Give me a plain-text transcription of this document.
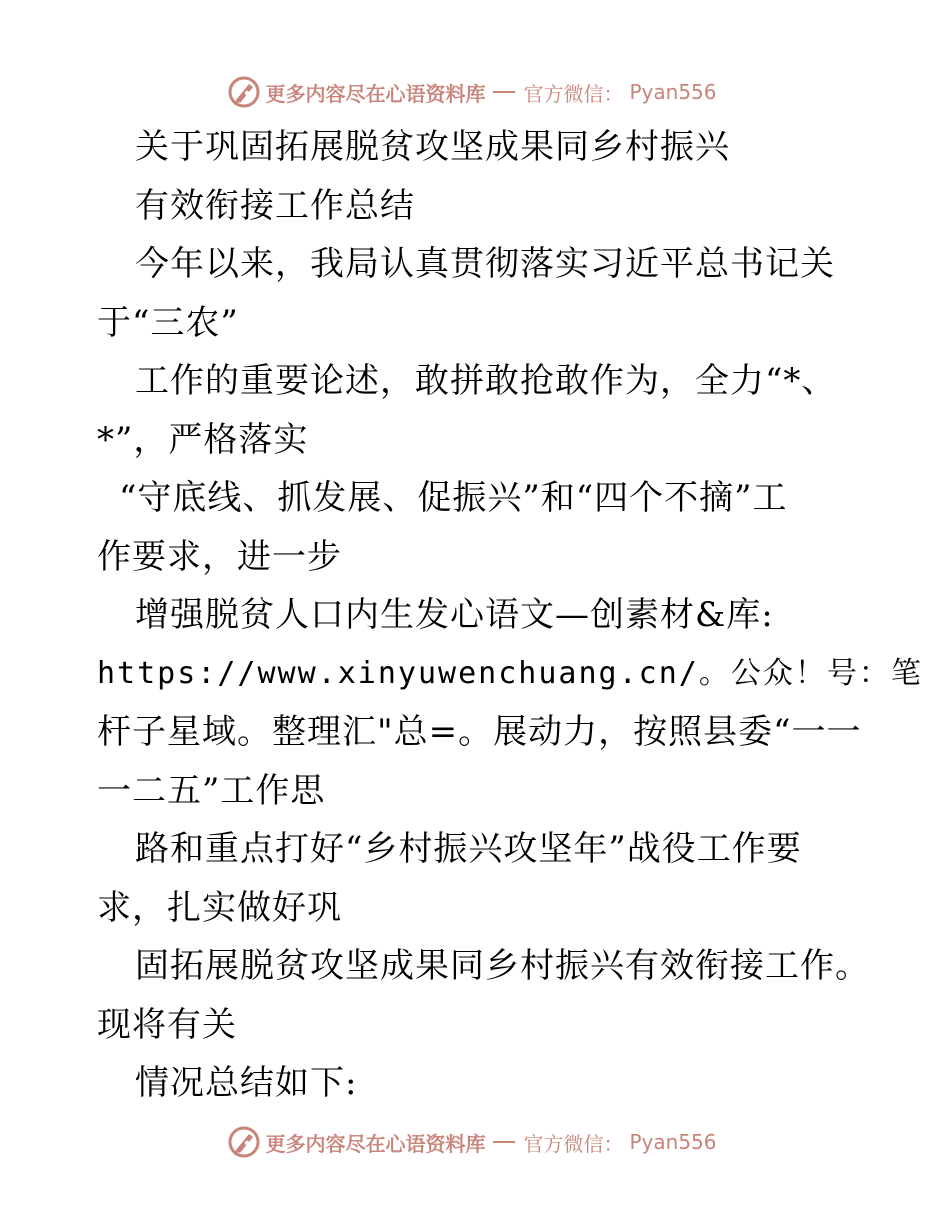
更多内容尽在心语资料库 官方微信： Pyan556
关于巩固拓展脱贫攻坚成果同乡村振兴
有效衔接工作总结
今年以来，我局认真贯彻落实习近平总书记关
于“三农”
工作的重要论述，敢拼敢抢敢作为，全力“*、
*”，严格落实
“守底线、抓发展、促振兴”和“四个不摘”工
作要求，进一步
增强脱贫人口内生发心语文—创素材&库:
https://www.xinyuwenchuang.cn/。公众！号：笔
杆子星域。整理汇"总=。展动力，按照县委“一一
一二五”工作思
路和重点打好“乡村振兴攻坚年”战役工作要
求，扎实做好巩
固拓展脱贫攻坚成果同乡村振兴有效衔接工作。
现将有关
情况总结如下:
更多内容尽在心语资料库 官方微信： Pyan556
